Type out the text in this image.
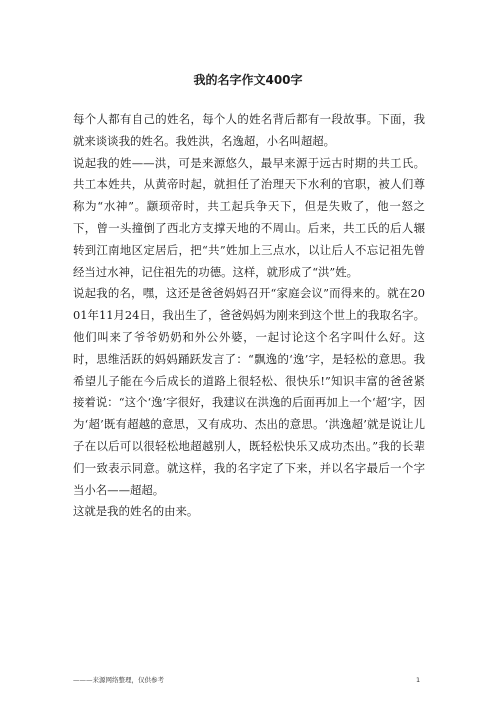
我的名字作文400字

每个人都有自己的姓名，每个人的姓名背后都有一段故事。下面，我就来谈谈我的姓名。我姓洪，名逸超，小名叫超超。

说起我的姓——洪，可是来源悠久，最早来源于远古时期的共工氏。共工本姓共，从黄帝时起，就担任了治理天下水利的官职，被人们尊称为“水神”。颛顼帝时，共工起兵争天下，但是失败了，他一怒之下，曾一头撞倒了西北方支撑天地的不周山。后来，共工氏的后人辗转到江南地区定居后，把“共”姓加上三点水，以让后人不忘记祖先曾经当过水神，记住祖先的功德。这样，就形成了“洪”姓。

说起我的名，嘿，这还是爸爸妈妈召开“家庭会议”而得来的。就在2001年11月24日，我出生了，爸爸妈妈为刚来到这个世上的我取名字。他们叫来了爷爷奶奶和外公外婆，一起讨论这个名字叫什么好。这时，思维活跃的妈妈踊跃发言了：“飘逸的‘逸’字，是轻松的意思。我希望儿子能在今后成长的道路上很轻松、很快乐!”知识丰富的爸爸紧接着说：“这个‘逸’字很好，我建议在洪逸的后面再加上一个‘超’字，因为‘超’既有超越的意思，又有成功、杰出的意思。‘洪逸超’就是说让儿子在以后可以很轻松地超越别人，既轻松快乐又成功杰出。”我的长辈们一致表示同意。就这样，我的名字定了下来，并以名字最后一个字当小名——超超。

这就是我的姓名的由来。

———来源网络整理，仅供参考	1
